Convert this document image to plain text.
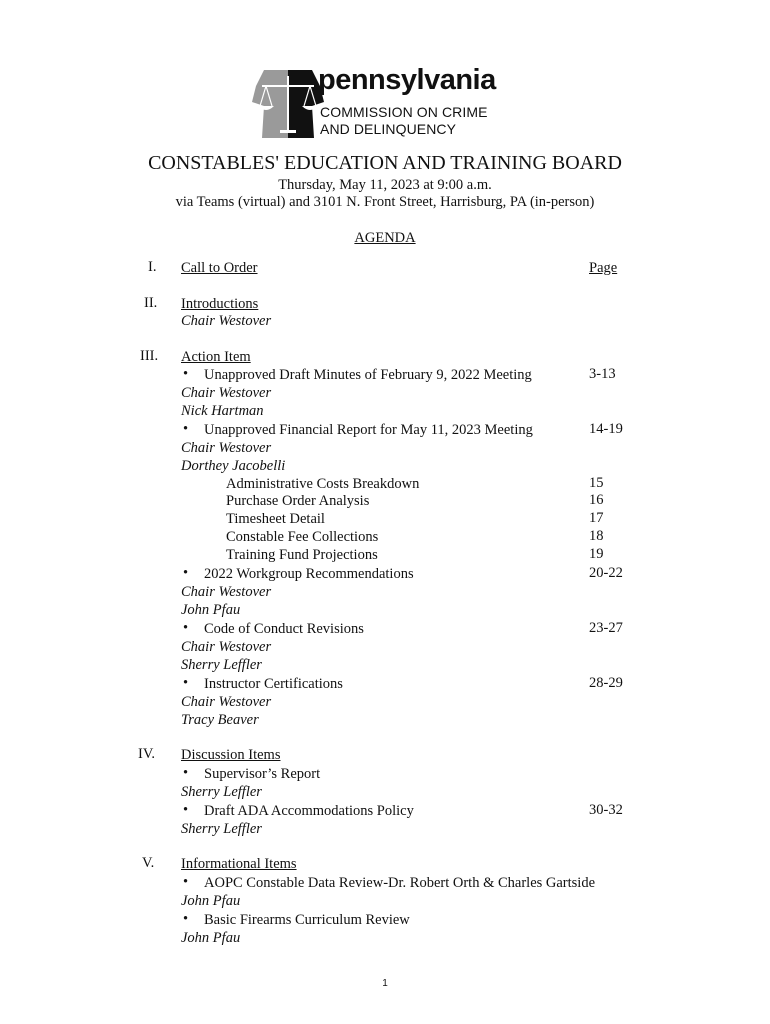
pennsylvania
COMMISSION ON CRIME
AND DELINQUENCY
CONSTABLES' EDUCATION AND TRAINING BOARD
Thursday, May 11, 2023 at 9:00 a.m.
via Teams (virtual) and 3101 N. Front Street, Harrisburg, PA (in-person)
AGENDA
I. Call to Order	Page
II. Introductions
Chair Westover
III. Action Item
• Unapproved Draft Minutes of February 9, 2022 Meeting	3-13
Chair Westover
Nick Hartman
• Unapproved Financial Report for May 11, 2023 Meeting	14-19
Chair Westover
Dorthey Jacobelli
Administrative Costs Breakdown	15
Purchase Order Analysis	16
Timesheet Detail	17
Constable Fee Collections	18
Training Fund Projections	19
• 2022 Workgroup Recommendations	20-22
Chair Westover
John Pfau
• Code of Conduct Revisions	23-27
Chair Westover
Sherry Leffler
• Instructor Certifications	28-29
Chair Westover
Tracy Beaver
IV. Discussion Items
• Supervisor’s Report
Sherry Leffler
• Draft ADA Accommodations Policy	30-32
Sherry Leffler
V. Informational Items
• AOPC Constable Data Review-Dr. Robert Orth & Charles Gartside
John Pfau
• Basic Firearms Curriculum Review
John Pfau
1
